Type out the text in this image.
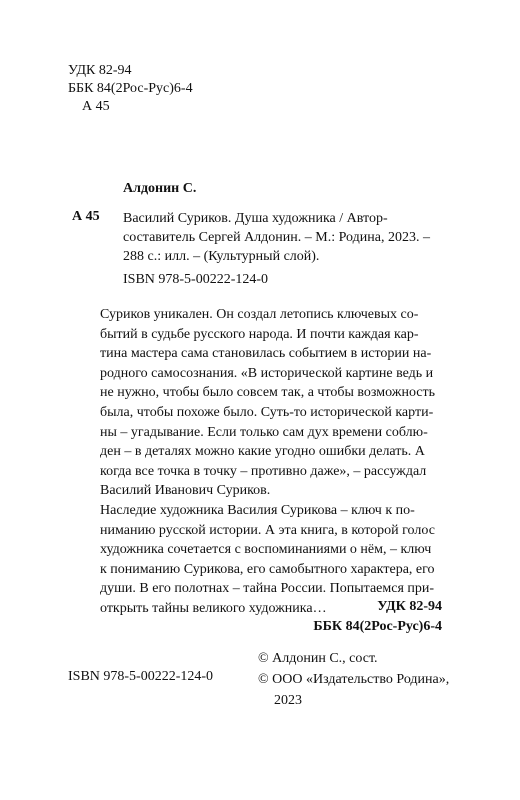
УДК 82-94
ББК 84(2Рос-Рус)6-4
А 45
Алдонин С.
А 45 Василий Суриков. Душа художника / Автор-
составитель Сергей Алдонин. – М.: Родина, 2023. –
288 с.: илл. – (Культурный слой).
ISBN 978-5-00222-124-0
Суриков уникален. Он создал летопись ключевых со-
бытий в судьбе русского народа. И почти каждая кар-
тина мастера сама становилась событием в истории на-
родного самосознания. «В исторической картине ведь и
не нужно, чтобы было совсем так, а чтобы возможность
была, чтобы похоже было. Суть-то исторической карти-
ны – угадывание. Если только сам дух времени соблю-
ден – в деталях можно какие угодно ошибки делать. А
когда все точка в точку – противно даже», – рассуждал
Василий Иванович Суриков.
Наследие художника Василия Сурикова – ключ к по-
ниманию русской истории. А эта книга, в которой голос
художника сочетается с воспоминаниями о нём, – ключ
к пониманию Сурикова, его самобытного характера, его
души. В его полотнах – тайна России. Попытаемся при-
открыть тайны великого художника…	УДК 82-94
ББК 84(2Рос-Рус)6-4
ISBN 978-5-00222-124-0
© Алдонин С., сост.
© ООО «Издательство Родина»,
2023
